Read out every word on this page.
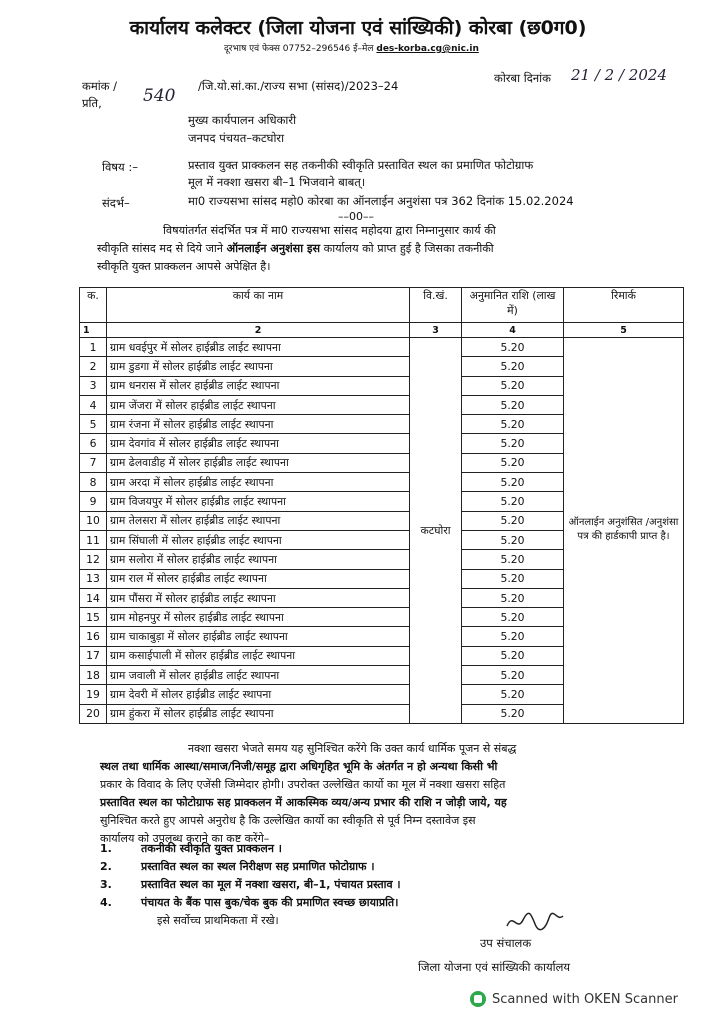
कार्यालय कलेक्टर (जिला योजना एवं सांख्यिकी) कोरबा (छ0ग0)
दूरभाष एवं फेक्स 07752–296546 ई–मेल des-korba.cg@nic.in
कमांक / 540 /जि.यो.सां.का./राज्य सभा (सांसद)/2023–24
कोरबा दिनांक 21 / 2 / 2024
प्रति,
मुख्य कार्यपालन अधिकारी
जनपद पंचयत–कटघोरा
विषय :–	प्रस्ताव युक्त प्राक्कलन सह तकनीकी स्वीकृति प्रस्तावित स्थल का प्रमाणित फोटोग्राफ
मूल में नक्शा खसरा बी–1 भिजवाने बाबत्।
संदर्भ–	मा0 राज्यसभा सांसद महो0 कोरबा का ऑनलाईन अनुशंसा पत्र 362 दिनांक 15.02.2024
––00––

विषयांतर्गत संदर्भित पत्र में मा0 राज्यसभा सांसद महोदया द्वारा निम्नानुसार कार्य की

स्वीकृति सांसद मद से दिये जाने ऑनलाईन अनुशंसा इस कार्यालय को प्राप्त हुई है जिसका तकनीकी

स्वीकृति युक्त प्राक्कलन आपसे अपेक्षित है।

क.	कार्य का नाम	वि.खं.	अनुमानित राशि (लाख में)	रिमार्क
1	2	3	4	5
1	ग्राम धवईपुर में सोलर हाईब्रीड लाईट स्थापना	कटघोरा	5.20	ऑनलाईन अनुशंसित /अनुशंसा पत्र की हार्डकापी प्राप्त है।
2	ग्राम डुडगा में सोलर हाईब्रीड लाईट स्थापना		5.20	
3	ग्राम धनरास में सोलर हाईब्रीड लाईट स्थापना		5.20	
4	ग्राम जेंजरा में सोलर हाईब्रीड लाईट स्थापना		5.20	
5	ग्राम रंजना में सोलर हाईब्रीड लाईट स्थापना		5.20	
6	ग्राम देवगांव में सोलर हाईब्रीड लाईट स्थापना		5.20	
7	ग्राम ढेलवाडीह में सोलर हाईब्रीड लाईट स्थापना		5.20	
8	ग्राम अरदा में सोलर हाईब्रीड लाईट स्थापना		5.20	
9	ग्राम विजयपुर में सोलर हाईब्रीड लाईट स्थापना		5.20	
10	ग्राम तेलसरा में सोलर हाईब्रीड लाईट स्थापना		5.20	
11	ग्राम सिंघाली में सोलर हाईब्रीड लाईट स्थापना		5.20	
12	ग्राम सलोरा में सोलर हाईब्रीड लाईट स्थापना		5.20	
13	ग्राम राल में सोलर हाईब्रीड लाईट स्थापना		5.20	
14	ग्राम पौंसरा में सोलर हाईब्रीड लाईट स्थापना		5.20	
15	ग्राम मोहनपुर में सोलर हाईब्रीड लाईट स्थापना		5.20	
16	ग्राम चाकाबुड़ा में सोलर हाईब्रीड लाईट स्थापना		5.20	
17	ग्राम कसाईपाली में सोलर हाईब्रीड लाईट स्थापना		5.20	
18	ग्राम जवाली में सोलर हाईब्रीड लाईट स्थापना		5.20	
19	ग्राम देवरी में सोलर हाईब्रीड लाईट स्थापना		5.20	
20	ग्राम हुंकरा में सोलर हाईब्रीड लाईट स्थापना		5.20	

नक्शा खसरा भेजते समय यह सुनिश्चित करेंगे कि उक्त कार्य धार्मिक पूजन से संबद्ध

स्थल तथा धार्मिक आस्था/समाज/निजी/समूह द्वारा अधिगृहित भूमि के अंतर्गत न हो अन्यथा किसी भी

प्रकार के विवाद के लिए एजेंसी जिम्मेदार होगी। उपरोक्त उल्लेखित कार्यो का मूल में नक्शा खसरा सहित

प्रस्तावित स्थल का फोटोग्राफ सह प्राक्कलन में आकस्मिक व्यय/अन्य प्रभार की राशि न जोड़ी जाये, यह

सुनिश्चित करते हुए आपसे अनुरोध है कि उल्लेखित कार्यो का स्वीकृति से पूर्व निम्न दस्तावेज इस

कार्यालय को उपलब्ध कराने का कष्ट करेंगे–

1.	तकनीकी स्वीकृति युक्त प्राक्कलन ।
2.	प्रस्तावित स्थल का स्थल निरीक्षण सह प्रमाणित फोटोग्राफ ।
3.	प्रस्तावित स्थल का मूल में नक्शा खसरा, बी–1, पंचायत प्रस्ताव ।
4.	पंचायत के बैंक पास बुक/चेक बुक की प्रमाणित स्वच्छ छायाप्रति।
इसे सर्वोच्च प्राथमिकता में रखे।
उप संचालक
जिला योजना एवं सांख्यिकी कार्यालय
Scanned with OKEN Scanner
